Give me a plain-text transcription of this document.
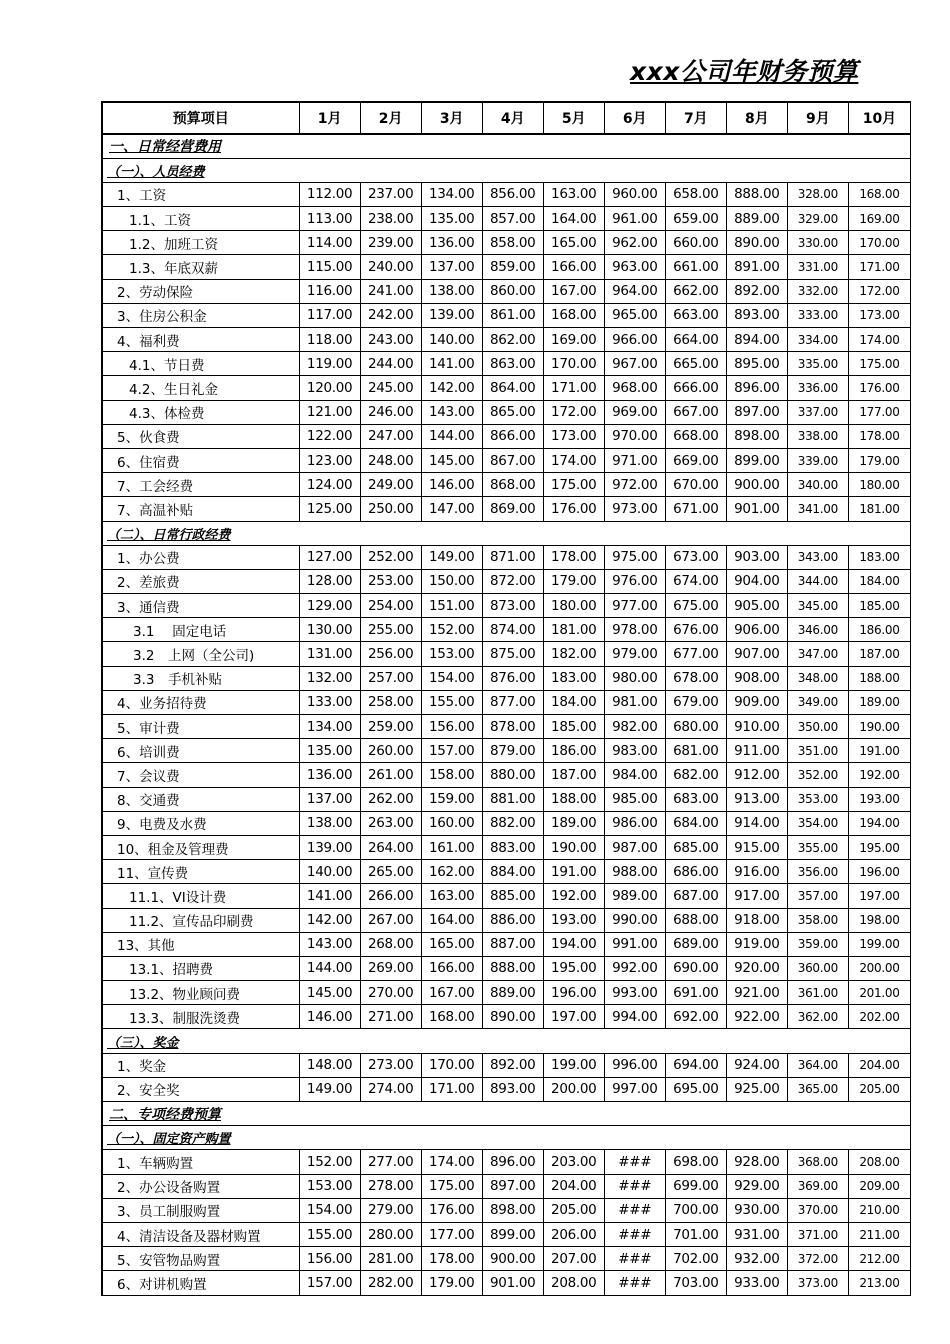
xxx公司年财务预算
预算项目	1月	2月	3月	4月	5月	6月	7月	8月	9月	10月
一、日常经营费用										
（一）、人员经费										
1、工资	112.00	237.00	134.00	856.00	163.00	960.00	658.00	888.00	328.00	168.00
1.1、工资	113.00	238.00	135.00	857.00	164.00	961.00	659.00	889.00	329.00	169.00
1.2、加班工资	114.00	239.00	136.00	858.00	165.00	962.00	660.00	890.00	330.00	170.00
1.3、年底双薪	115.00	240.00	137.00	859.00	166.00	963.00	661.00	891.00	331.00	171.00
2、劳动保险	116.00	241.00	138.00	860.00	167.00	964.00	662.00	892.00	332.00	172.00
3、住房公积金	117.00	242.00	139.00	861.00	168.00	965.00	663.00	893.00	333.00	173.00
4、福利费	118.00	243.00	140.00	862.00	169.00	966.00	664.00	894.00	334.00	174.00
4.1、节日费	119.00	244.00	141.00	863.00	170.00	967.00	665.00	895.00	335.00	175.00
4.2、生日礼金	120.00	245.00	142.00	864.00	171.00	968.00	666.00	896.00	336.00	176.00
4.3、体检费	121.00	246.00	143.00	865.00	172.00	969.00	667.00	897.00	337.00	177.00
5、伙食费	122.00	247.00	144.00	866.00	173.00	970.00	668.00	898.00	338.00	178.00
6、住宿费	123.00	248.00	145.00	867.00	174.00	971.00	669.00	899.00	339.00	179.00
7、工会经费	124.00	249.00	146.00	868.00	175.00	972.00	670.00	900.00	340.00	180.00
7、高温补贴	125.00	250.00	147.00	869.00	176.00	973.00	671.00	901.00	341.00	181.00
（二）、日常行政经费										
1、办公费	127.00	252.00	149.00	871.00	178.00	975.00	673.00	903.00	343.00	183.00
2、差旅费	128.00	253.00	150.00	872.00	179.00	976.00	674.00	904.00	344.00	184.00
3、通信费	129.00	254.00	151.00	873.00	180.00	977.00	675.00	905.00	345.00	185.00
3.1　 固定电话	130.00	255.00	152.00	874.00	181.00	978.00	676.00	906.00	346.00	186.00
3.2　上网（全公司)	131.00	256.00	153.00	875.00	182.00	979.00	677.00	907.00	347.00	187.00
3.3　手机补贴	132.00	257.00	154.00	876.00	183.00	980.00	678.00	908.00	348.00	188.00
4、业务招待费	133.00	258.00	155.00	877.00	184.00	981.00	679.00	909.00	349.00	189.00
5、审计费	134.00	259.00	156.00	878.00	185.00	982.00	680.00	910.00	350.00	190.00
6、培训费	135.00	260.00	157.00	879.00	186.00	983.00	681.00	911.00	351.00	191.00
7、会议费	136.00	261.00	158.00	880.00	187.00	984.00	682.00	912.00	352.00	192.00
8、交通费	137.00	262.00	159.00	881.00	188.00	985.00	683.00	913.00	353.00	193.00
9、电费及水费	138.00	263.00	160.00	882.00	189.00	986.00	684.00	914.00	354.00	194.00
10、租金及管理费	139.00	264.00	161.00	883.00	190.00	987.00	685.00	915.00	355.00	195.00
11、宣传费	140.00	265.00	162.00	884.00	191.00	988.00	686.00	916.00	356.00	196.00
11.1、VI设计费	141.00	266.00	163.00	885.00	192.00	989.00	687.00	917.00	357.00	197.00
11.2、宣传品印刷费	142.00	267.00	164.00	886.00	193.00	990.00	688.00	918.00	358.00	198.00
13、其他	143.00	268.00	165.00	887.00	194.00	991.00	689.00	919.00	359.00	199.00
13.1、招聘费	144.00	269.00	166.00	888.00	195.00	992.00	690.00	920.00	360.00	200.00
13.2、物业顾问费	145.00	270.00	167.00	889.00	196.00	993.00	691.00	921.00	361.00	201.00
13.3、制服洗烫费	146.00	271.00	168.00	890.00	197.00	994.00	692.00	922.00	362.00	202.00
（三）、奖金										
1、奖金	148.00	273.00	170.00	892.00	199.00	996.00	694.00	924.00	364.00	204.00
2、安全奖	149.00	274.00	171.00	893.00	200.00	997.00	695.00	925.00	365.00	205.00
二、专项经费预算										
（一）、固定资产购置										
1、车辆购置	152.00	277.00	174.00	896.00	203.00	###	698.00	928.00	368.00	208.00
2、办公设备购置	153.00	278.00	175.00	897.00	204.00	###	699.00	929.00	369.00	209.00
3、员工制服购置	154.00	279.00	176.00	898.00	205.00	###	700.00	930.00	370.00	210.00
4、清洁设备及器材购置	155.00	280.00	177.00	899.00	206.00	###	701.00	931.00	371.00	211.00
5、安管物品购置	156.00	281.00	178.00	900.00	207.00	###	702.00	932.00	372.00	212.00
6、对讲机购置	157.00	282.00	179.00	901.00	208.00	###	703.00	933.00	373.00	213.00
